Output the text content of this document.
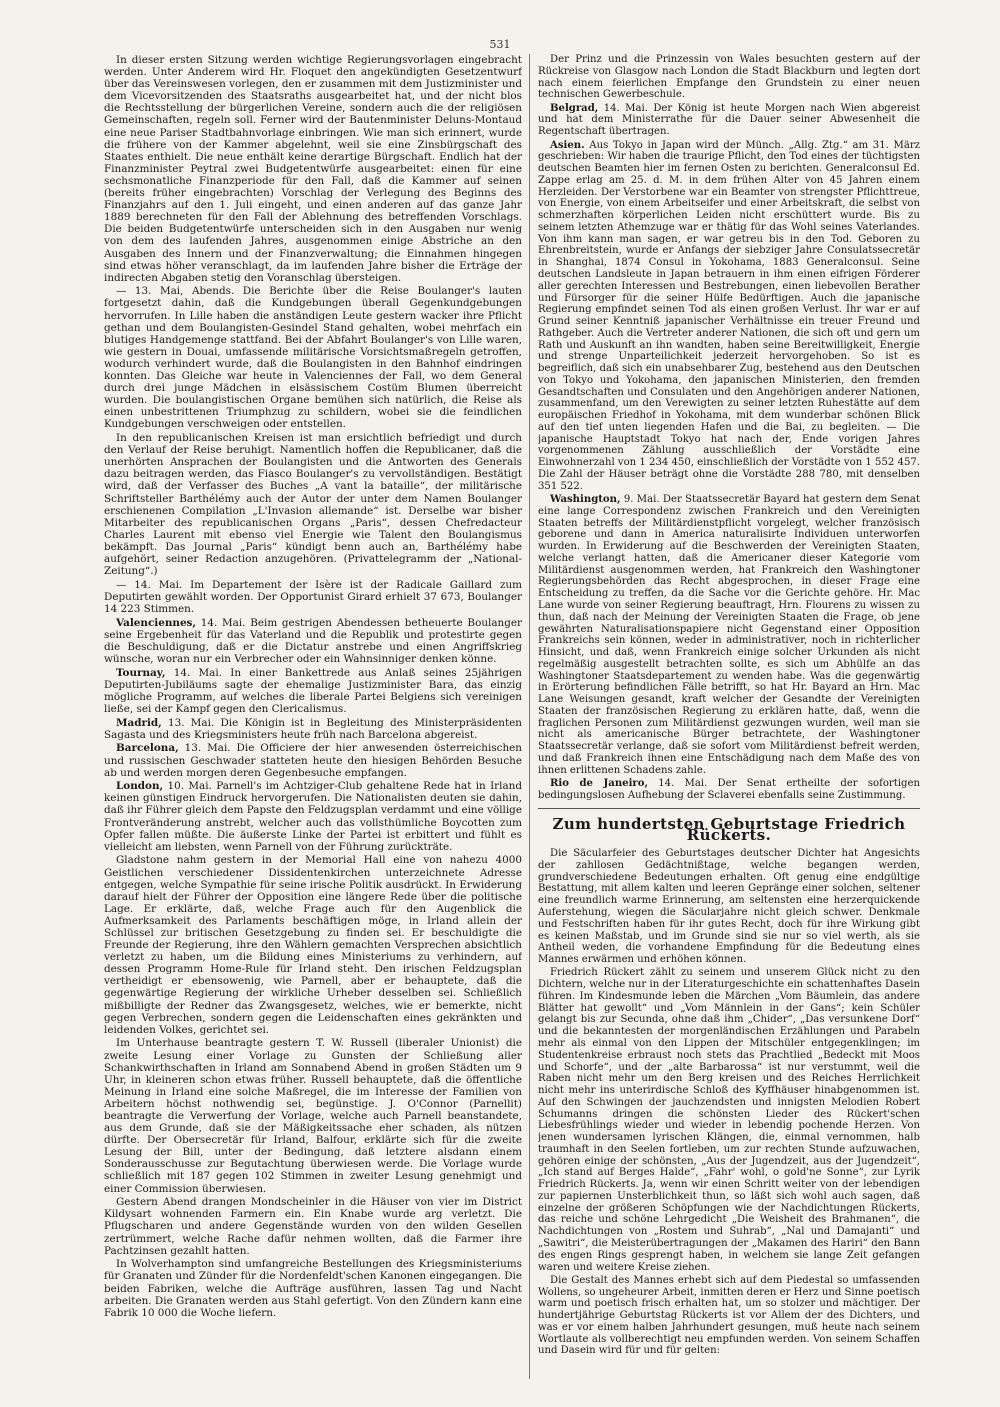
531

In dieser ersten Sitzung werden wichtige Regierungsvorlagen eingebracht werden. Unter Anderem wird Hr. Floquet den angekündigten Gesetzentwurf über das Vereinswesen vorlegen, den er zusammen mit dem Justizminister und dem Vicevorsitzenden des Staatsraths ausgearbeitet hat, und der nicht blos die Rechtsstellung der bürgerlichen Vereine, sondern auch die der religiösen Gemeinschaften, regeln soll. Ferner wird der Bautenminister Deluns-Montaud eine neue Pariser Stadtbahnvorlage einbringen. Wie man sich erinnert, wurde die frühere von der Kammer abgelehnt, weil sie eine Zinsbürgschaft des Staates enthielt. Die neue enthält keine derartige Bürgschaft. Endlich hat der Finanzminister Peytral zwei Budgetentwürfe ausgearbeitet: einen für eine sechsmonatliche Finanzperiode für den Fall, daß die Kammer auf seinen (bereits früher eingebrachten) Vorschlag der Verlegung des Beginns des Finanzjahrs auf den 1. Juli eingeht, und einen anderen auf das ganze Jahr 1889 berechneten für den Fall der Ablehnung des betreffenden Vorschlags. Die beiden Budgetentwürfe unterscheiden sich in den Ausgaben nur wenig von dem des laufenden Jahres, ausgenommen einige Abstriche an den Ausgaben des Innern und der Finanzverwaltung; die Einnahmen hingegen sind etwas höher veranschlagt, da im laufenden Jahre bisher die Erträge der indirecten Abgaben stetig den Voranschlag übersteigen.

— 13. Mai, Abends. Die Berichte über die Reise Boulanger's lauten fortgesetzt dahin, daß die Kundgebungen überall Gegenkundgebungen hervorrufen. In Lille haben die anständigen Leute gestern wacker ihre Pflicht gethan und dem Boulangisten-Gesindel Stand gehalten, wobei mehrfach ein blutiges Handgemenge stattfand. Bei der Abfahrt Boulanger's von Lille waren, wie gestern in Douai, umfassende militärische Vorsichtsmaßregeln getroffen, wodurch verhindert wurde, daß die Boulangisten in den Bahnhof eindringen konnten. Das Gleiche war heute in Valenciennes der Fall, wo dem General durch drei junge Mädchen in elsässischem Costüm Blumen überreicht wurden. Die boulangistischen Organe bemühen sich natürlich, die Reise als einen unbestrittenen Triumphzug zu schildern, wobei sie die feindlichen Kundgebungen verschweigen oder entstellen.

In den republicanischen Kreisen ist man ersichtlich befriedigt und durch den Verlauf der Reise beruhigt. Namentlich hoffen die Republicaner, daß die unerhörten Ansprachen der Boulangisten und die Antworten des Generals dazu beitragen werden, das Fiasco Boulanger's zu vervollständigen. Bestätigt wird, daß der Verfasser des Buches „A vant la bataille“, der militärische Schriftsteller Barthélémy auch der Autor der unter dem Namen Boulanger erschienenen Compilation „L'Invasion allemande“ ist. Derselbe war bisher Mitarbeiter des republicanischen Organs „Paris“, dessen Chefredacteur Charles Laurent mit ebenso viel Energie wie Talent den Boulangismus bekämpft. Das Journal „Paris“ kündigt benn auch an, Barthélémy habe aufgehört, seiner Redaction anzugehören. (Privattelegramm der „National-Zeitung“.)

— 14. Mai. Im Departement der Isère ist der Radicale Gaillard zum Deputirten gewählt worden. Der Opportunist Girard erhielt 37 673, Boulanger 14 223 Stimmen.

Valenciennes, 14. Mai. Beim gestrigen Abendessen betheuerte Boulanger seine Ergebenheit für das Vaterland und die Republik und protestirte gegen die Beschuldigung, daß er die Dictatur anstrebe und einen Angriffskrieg wünsche, woran nur ein Verbrecher oder ein Wahnsinniger denken könne.

Tournay, 14. Mai. In einer Bankettrede aus Anlaß seines 25jährigen Deputirten-Jubiläums sagte der ehemalige Justizminister Bara, das einzig mögliche Programm, auf welches die liberale Partei Belgiens sich vereinigen ließe, sei der Kampf gegen den Clericalismus.

Madrid, 13. Mai. Die Königin ist in Begleitung des Ministerpräsidenten Sagasta und des Kriegsministers heute früh nach Barcelona abgereist.

Barcelona, 13. Mai. Die Officiere der hier anwesenden österreichischen und russischen Geschwader statteten heute den hiesigen Behörden Besuche ab und werden morgen deren Gegenbesuche empfangen.

London, 10. Mai. Parnell's im Achtziger-Club gehaltene Rede hat in Irland keinen günstigen Eindruck hervorgerufen. Die Nationalisten deuten sie dahin, daß ihr Führer gleich dem Papste den Feldzugsplan verdammt und eine völlige Frontveränderung anstrebt, welcher auch das vollsthümliche Boycotten zum Opfer fallen müßte. Die äußerste Linke der Partei ist erbittert und fühlt es vielleicht am liebsten, wenn Parnell von der Führung zurückträte.

Gladstone nahm gestern in der Memorial Hall eine von nahezu 4000 Geistlichen verschiedener Dissidentenkirchen unterzeichnete Adresse entgegen, welche Sympathie für seine irische Politik ausdrückt. In Erwiderung darauf hielt der Führer der Opposition eine längere Rede über die politische Lage. Er erklärte, daß, welche Frage auch für den Augenblick die Aufmerksamkeit des Parlaments beschäftigen möge, in Irland allein der Schlüssel zur britischen Gesetzgebung zu finden sei. Er beschuldigte die Freunde der Regierung, ihre den Wählern gemachten Versprechen absichtlich verletzt zu haben, um die Bildung eines Ministeriums zu verhindern, auf dessen Programm Home-Rule für Irland steht. Den irischen Feldzugsplan vertheidigt er ebensowenig, wie Parnell, aber er behauptete, daß die gegenwärtige Regierung der wirkliche Urheber desselben sei. Schließlich mißbilligte der Redner das Zwangsgesetz, welches, wie er bemerkte, nicht gegen Verbrechen, sondern gegen die Leidenschaften eines gekränkten und leidenden Volkes, gerichtet sei.

Im Unterhause beantragte gestern T. W. Russell (liberaler Unionist) die zweite Lesung einer Vorlage zu Gunsten der Schließung aller Schankwirthschaften in Irland am Sonnabend Abend in großen Städten um 9 Uhr, in kleineren schon etwas früher. Russell behauptete, daß die öffentliche Meinung in Irland eine solche Maßregel, die im Interesse der Familien von Arbeitern höchst nothwendig sei, begünstige. J. O'Connor (Parnellit) beantragte die Verwerfung der Vorlage, welche auch Parnell beanstandete, aus dem Grunde, daß sie der Mäßigkeitssache eher schaden, als nützen dürfte. Der Obersecretär für Irland, Balfour, erklärte sich für die zweite Lesung der Bill, unter der Bedingung, daß letztere alsdann einem Sonderausschusse zur Begutachtung überwiesen werde. Die Vorlage wurde schließlich mit 187 gegen 102 Stimmen in zweiter Lesung genehmigt und einer Commission überwiesen.

Gestern Abend drangen Mondscheinler in die Häuser von vier im District Kildysart wohnenden Farmern ein. Ein Knabe wurde arg verletzt. Die Pflugscharen und andere Gegenstände wurden von den wilden Gesellen zertrümmert, welche Rache dafür nehmen wollten, daß die Farmer ihre Pachtzinsen gezahlt hatten.

In Wolverhampton sind umfangreiche Bestellungen des Kriegsministeriums für Granaten und Zünder für die Nordenfeldt'schen Kanonen eingegangen. Die beiden Fabriken, welche die Aufträge ausführen, lassen Tag und Nacht arbeiten. Die Granaten werden aus Stahl gefertigt. Von den Zündern kann eine Fabrik 10 000 die Woche liefern.

Der Prinz und die Prinzessin von Wales besuchten gestern auf der Rückreise von Glasgow nach London die Stadt Blackburn und legten dort nach einem feierlichen Empfange den Grundstein zu einer neuen technischen Gewerbeschule.

Belgrad, 14. Mai. Der König ist heute Morgen nach Wien abgereist und hat dem Ministerrathe für die Dauer seiner Abwesenheit die Regentschaft übertragen.

Asien. Aus Tokyo in Japan wird der Münch. „Allg. Ztg.“ am 31. März geschrieben: Wir haben die traurige Pflicht, den Tod eines der tüchtigsten deutschen Beamten hier im fernen Osten zu berichten. Generalconsul Ed. Zappe erlag am 25. d. M. in dem frühen Alter von 45 Jahren einem Herzleiden. Der Verstorbene war ein Beamter von strengster Pflichttreue, von Energie, von einem Arbeitseifer und einer Arbeitskraft, die selbst von schmerzhaften körperlichen Leiden nicht erschüttert wurde. Bis zu seinem letzten Athemzuge war er thätig für das Wohl seines Vaterlandes. Von ihm kann man sagen, er war getreu bis in den Tod. Geboren zu Ehrenbreitstein, wurde er Anfangs der siebziger Jahre Consulatssecretär in Shanghai, 1874 Consul in Yokohama, 1883 Generalconsul. Seine deutschen Landsleute in Japan betrauern in ihm einen eifrigen Förderer aller gerechten Interessen und Bestrebungen, einen liebevollen Berather und Fürsorger für die seiner Hülfe Bedürftigen. Auch die japanische Regierung empfindet seinen Tod als einen großen Verlust. Ihr war er auf Grund seiner Kenntniß japanischer Verhältnisse ein treuer Freund und Rathgeber. Auch die Vertreter anderer Nationen, die sich oft und gern um Rath und Auskunft an ihn wandten, haben seine Bereitwilligkeit, Energie und strenge Unparteilichkeit jederzeit hervorgehoben. So ist es begreiflich, daß sich ein unabsehbarer Zug, bestehend aus den Deutschen von Tokyo und Yokohama, den japanischen Ministerien, den fremden Gesandtschaften und Consulaten und den Angehörigen anderer Nationen, zusammenfand, um den Verewigten zu seiner letzten Ruhestätte auf dem europäischen Friedhof in Yokohama, mit dem wunderbar schönen Blick auf den tief unten liegenden Hafen und die Bai, zu begleiten. — Die japanische Hauptstadt Tokyo hat nach der, Ende vorigen Jahres vorgenommenen Zählung ausschließlich der Vorstädte eine Einwohnerzahl von 1 234 450, einschließlich der Vorstädte von 1 552 457. Die Zahl der Häuser beträgt ohne die Vorstädte 288 780, mit denselben 351 522.

Washington, 9. Mai. Der Staatssecretär Bayard hat gestern dem Senat eine lange Correspondenz zwischen Frankreich und den Vereinigten Staaten betreffs der Militärdienstpflicht vorgelegt, welcher französisch geborene und dann in America naturalisirte Individuen unterworfen wurden. In Erwiderung auf die Beschwerden der Vereinigten Staaten, welche verlangt hatten, daß die Americaner dieser Kategorie vom Militärdienst ausgenommen werden, hat Frankreich den Washingtoner Regierungsbehörden das Recht abgesprochen, in dieser Frage eine Entscheidung zu treffen, da die Sache vor die Gerichte gehöre. Hr. Mac Lane wurde von seiner Regierung beauftragt, Hrn. Flourens zu wissen zu thun, daß nach der Meinung der Vereinigten Staaten die Frage, ob jene gewährten Naturalisationspapiere nicht Gegenstand einer Opposition Frankreichs sein können, weder in administrativer, noch in richterlicher Hinsicht, und daß, wenn Frankreich einige solcher Urkunden als nicht regelmäßig ausgestellt betrachten sollte, es sich um Abhülfe an das Washingtoner Staatsdepartement zu wenden habe. Was die gegenwärtig in Erörterung befindlichen Fälle betrifft, so hat Hr. Bayard an Hrn. Mac Lane Weisungen gesandt, kraft welcher der Gesandte der Vereinigten Staaten der französischen Regierung zu erklären hatte, daß, wenn die fraglichen Personen zum Militärdienst gezwungen wurden, weil man sie nicht als americanische Bürger betrachtete, der Washingtoner Staatssecretär verlange, daß sie sofort vom Militärdienst befreit werden, und daß Frankreich ihnen eine Entschädigung nach dem Maße des von ihnen erlittenen Schadens zahle.

Rio de Janeiro, 14. Mai. Der Senat ertheilte der sofortigen bedingungslosen Aufhebung der Sclaverei ebenfalls seine Zustimmung.

Zum hundertsten Geburtstage Friedrich Rückerts.

Die Säcularfeier des Geburtstages deutscher Dichter hat Angesichts der zahllosen Gedächtnißtage, welche begangen werden, grundverschiedene Bedeutungen erhalten. Oft genug eine endgültige Bestattung, mit allem kalten und leeren Gepränge einer solchen, seltener eine freundlich warme Erinnerung, am seltensten eine herzerquickende Auferstehung, wiegen die Säcularjahre nicht gleich schwer. Denkmale und Festschriften haben für ihr gutes Recht, doch für ihre Wirkung gibt es keinen Maßstab, und im Grunde sind sie nur so viel werth, als sie Antheil weden, die vorhandene Empfindung für die Bedeutung eines Mannes erwärmen und erhöhen können.

Friedrich Rückert zählt zu seinem und unserem Glück nicht zu den Dichtern, welche nur in der Literaturgeschichte ein schattenhaftes Dasein führen. Im Kindesmunde leben die Märchen „Vom Bäumlein, das andere Blätter hat gewollt“ und „Vom Männlein in der Gans“; kein Schüler gelangt bis zur Secunda, ohne daß ihm „Chider“, „Das versunkene Dorf“ und die bekanntesten der morgenländischen Erzählungen und Parabeln mehr als einmal von den Lippen der Mitschüler entgegenklingen; im Studentenkreise erbraust noch stets das Prachtlied „Bedeckt mit Moos und Schorfe“, und der „alte Barbarossa“ ist nur verstummt, weil die Raben nicht mehr um den Berg kreisen und des Reiches Herrlichkeit nicht mehr ins unterirdische Schloß des Kyffhäuser hinabgenommen ist. Auf den Schwingen der jauchzendsten und innigsten Melodien Robert Schumanns dringen die schönsten Lieder des Rückert'schen Liebesfrühlings wieder und wieder in lebendig pochende Herzen. Von jenen wundersamen lyrischen Klängen, die, einmal vernommen, halb traumhaft in den Seelen fortleben, um zur rechten Stunde aufzuwachen, gehören einige der schönsten, „Aus der Jugendzeit, aus der Jugendzeit“, „Ich stand auf Berges Halde“, „Fahr' wohl, o gold'ne Sonne“, zur Lyrik Friedrich Rückerts. Ja, wenn wir einen Schritt weiter von der lebendigen zur papiernen Unsterblichkeit thun, so läßt sich wohl auch sagen, daß einzelne der größeren Schöpfungen wie der Nachdichtungen Rückerts, das reiche und schöne Lehrgedicht „Die Weisheit des Brahmanen“, die Nachdichtungen von „Rostem und Suhrab“, „Nal und Damajanti“ und „Sawitri“, die Meisterübertragungen der „Makamen des Hariri“ den Bann des engen Rings gesprengt haben, in welchem sie lange Zeit gefangen waren und weitere Kreise ziehen.

Die Gestalt des Mannes erhebt sich auf dem Piedestal so umfassenden Wollens, so ungeheurer Arbeit, inmitten deren er Herz und Sinne poetisch warm und poetisch frisch erhalten hat, um so stolzer und mächtiger. Der hundertjährige Geburtstag Rückerts ist vor Allem der des Dichters, und was er vor einem halben Jahrhundert gesungen, muß heute nach seinem Wortlaute als vollberechtigt neu empfunden werden. Von seinem Schaffen und Dasein wird für und für gelten:
